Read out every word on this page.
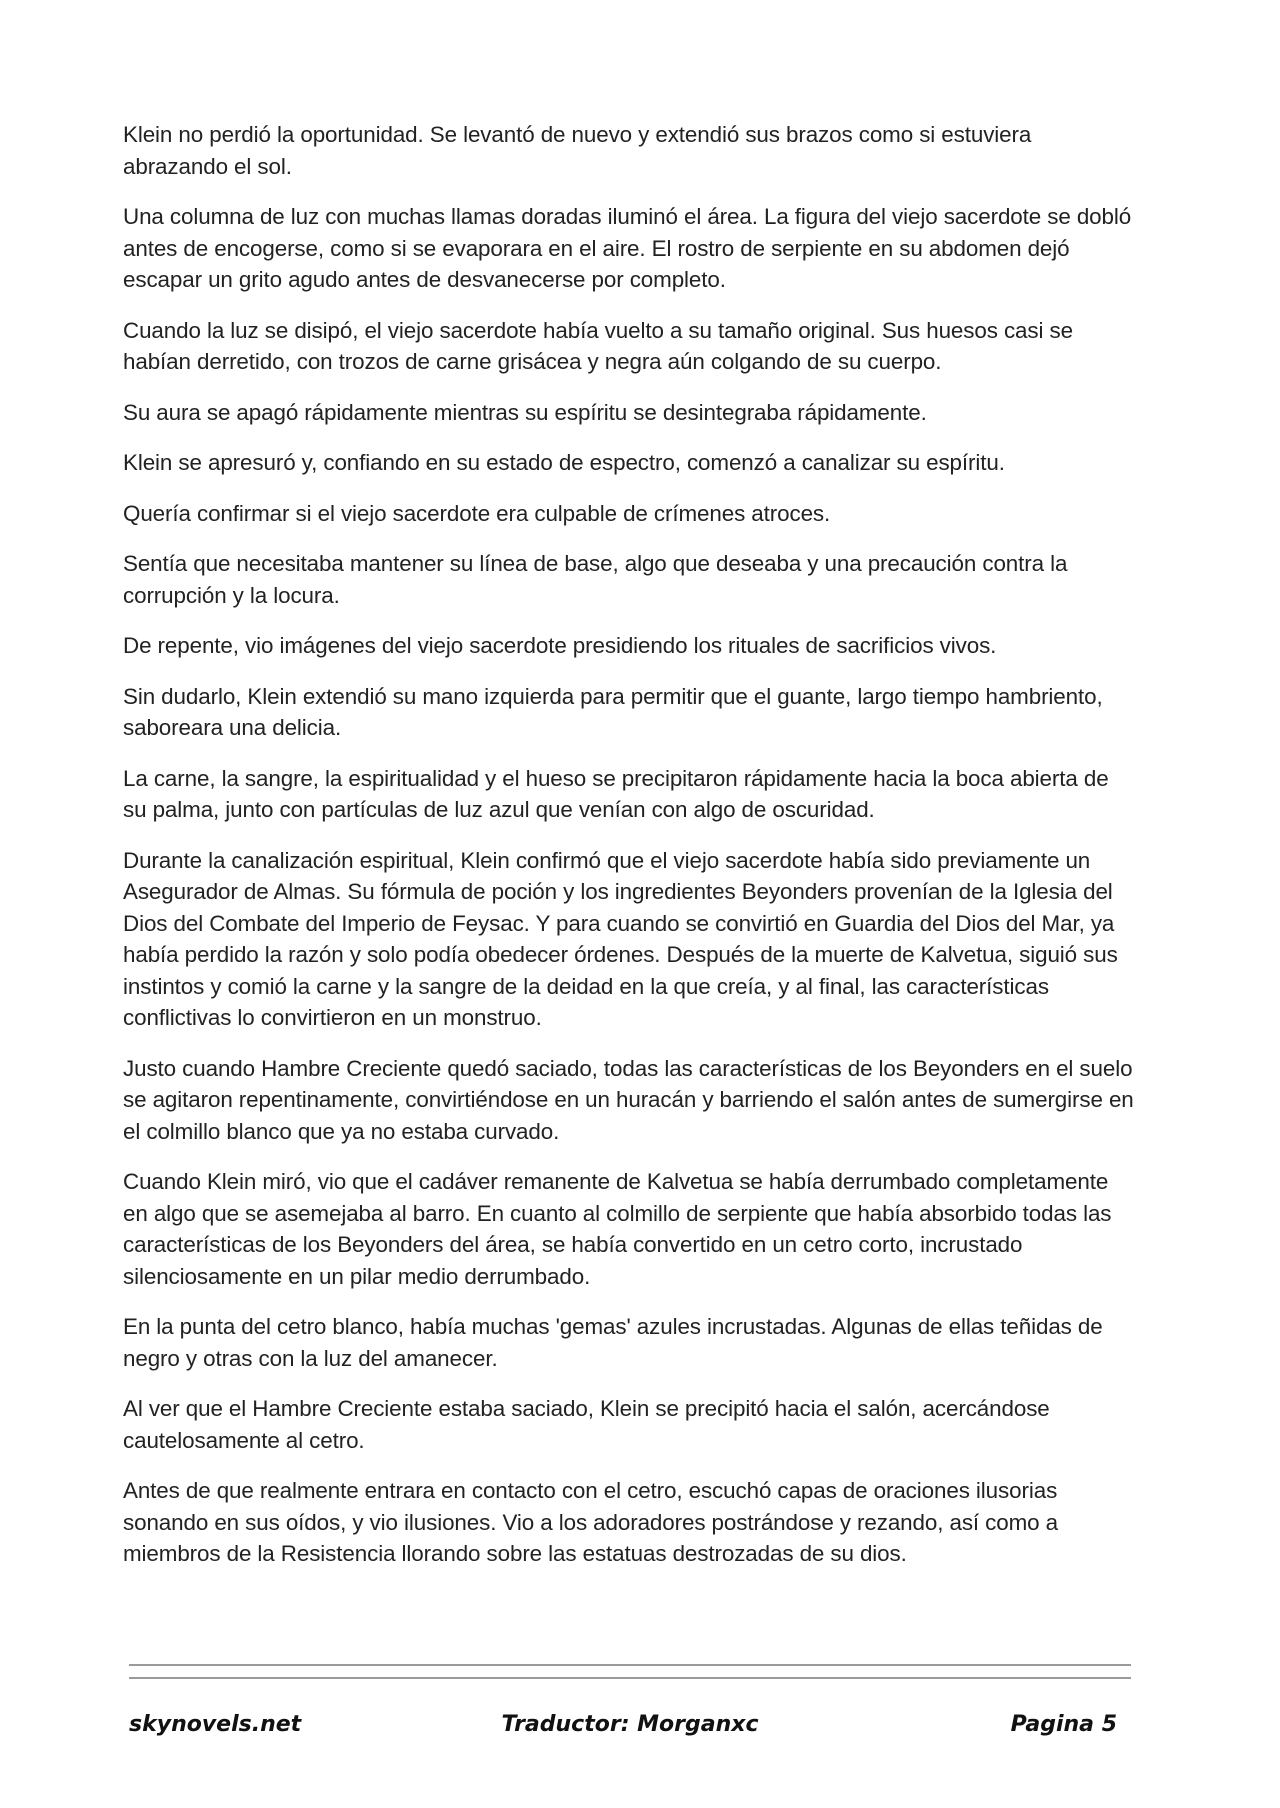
Klein no perdió la oportunidad. Se levantó de nuevo y extendió sus brazos como si estuviera abrazando el sol.

Una columna de luz con muchas llamas doradas iluminó el área. La figura del viejo sacerdote se dobló antes de encogerse, como si se evaporara en el aire. El rostro de serpiente en su abdomen dejó escapar un grito agudo antes de desvanecerse por completo.

Cuando la luz se disipó, el viejo sacerdote había vuelto a su tamaño original. Sus huesos casi se habían derretido, con trozos de carne grisácea y negra aún colgando de su cuerpo.

Su aura se apagó rápidamente mientras su espíritu se desintegraba rápidamente.

Klein se apresuró y, confiando en su estado de espectro, comenzó a canalizar su espíritu.

Quería confirmar si el viejo sacerdote era culpable de crímenes atroces.

Sentía que necesitaba mantener su línea de base, algo que deseaba y una precaución contra la corrupción y la locura.

De repente, vio imágenes del viejo sacerdote presidiendo los rituales de sacrificios vivos.

Sin dudarlo, Klein extendió su mano izquierda para permitir que el guante, largo tiempo hambriento, saboreara una delicia.

La carne, la sangre, la espiritualidad y el hueso se precipitaron rápidamente hacia la boca abierta de su palma, junto con partículas de luz azul que venían con algo de oscuridad.

Durante la canalización espiritual, Klein confirmó que el viejo sacerdote había sido previamente un Asegurador de Almas. Su fórmula de poción y los ingredientes Beyonders provenían de la Iglesia del Dios del Combate del Imperio de Feysac. Y para cuando se convirtió en Guardia del Dios del Mar, ya había perdido la razón y solo podía obedecer órdenes. Después de la muerte de Kalvetua, siguió sus instintos y comió la carne y la sangre de la deidad en la que creía, y al final, las características conflictivas lo convirtieron en un monstruo.

Justo cuando Hambre Creciente quedó saciado, todas las características de los Beyonders en el suelo se agitaron repentinamente, convirtiéndose en un huracán y barriendo el salón antes de sumergirse en el colmillo blanco que ya no estaba curvado.

Cuando Klein miró, vio que el cadáver remanente de Kalvetua se había derrumbado completamente en algo que se asemejaba al barro. En cuanto al colmillo de serpiente que había absorbido todas las características de los Beyonders del área, se había convertido en un cetro corto, incrustado silenciosamente en un pilar medio derrumbado.

En la punta del cetro blanco, había muchas 'gemas' azules incrustadas. Algunas de ellas teñidas de negro y otras con la luz del amanecer.

Al ver que el Hambre Creciente estaba saciado, Klein se precipitó hacia el salón, acercándose cautelosamente al cetro.

Antes de que realmente entrara en contacto con el cetro, escuchó capas de oraciones ilusorias sonando en sus oídos, y vio ilusiones. Vio a los adoradores postrándose y rezando, así como a miembros de la Resistencia llorando sobre las estatuas destrozadas de su dios.

skynovels.net	Traductor: Morganxc	Pagina 5
